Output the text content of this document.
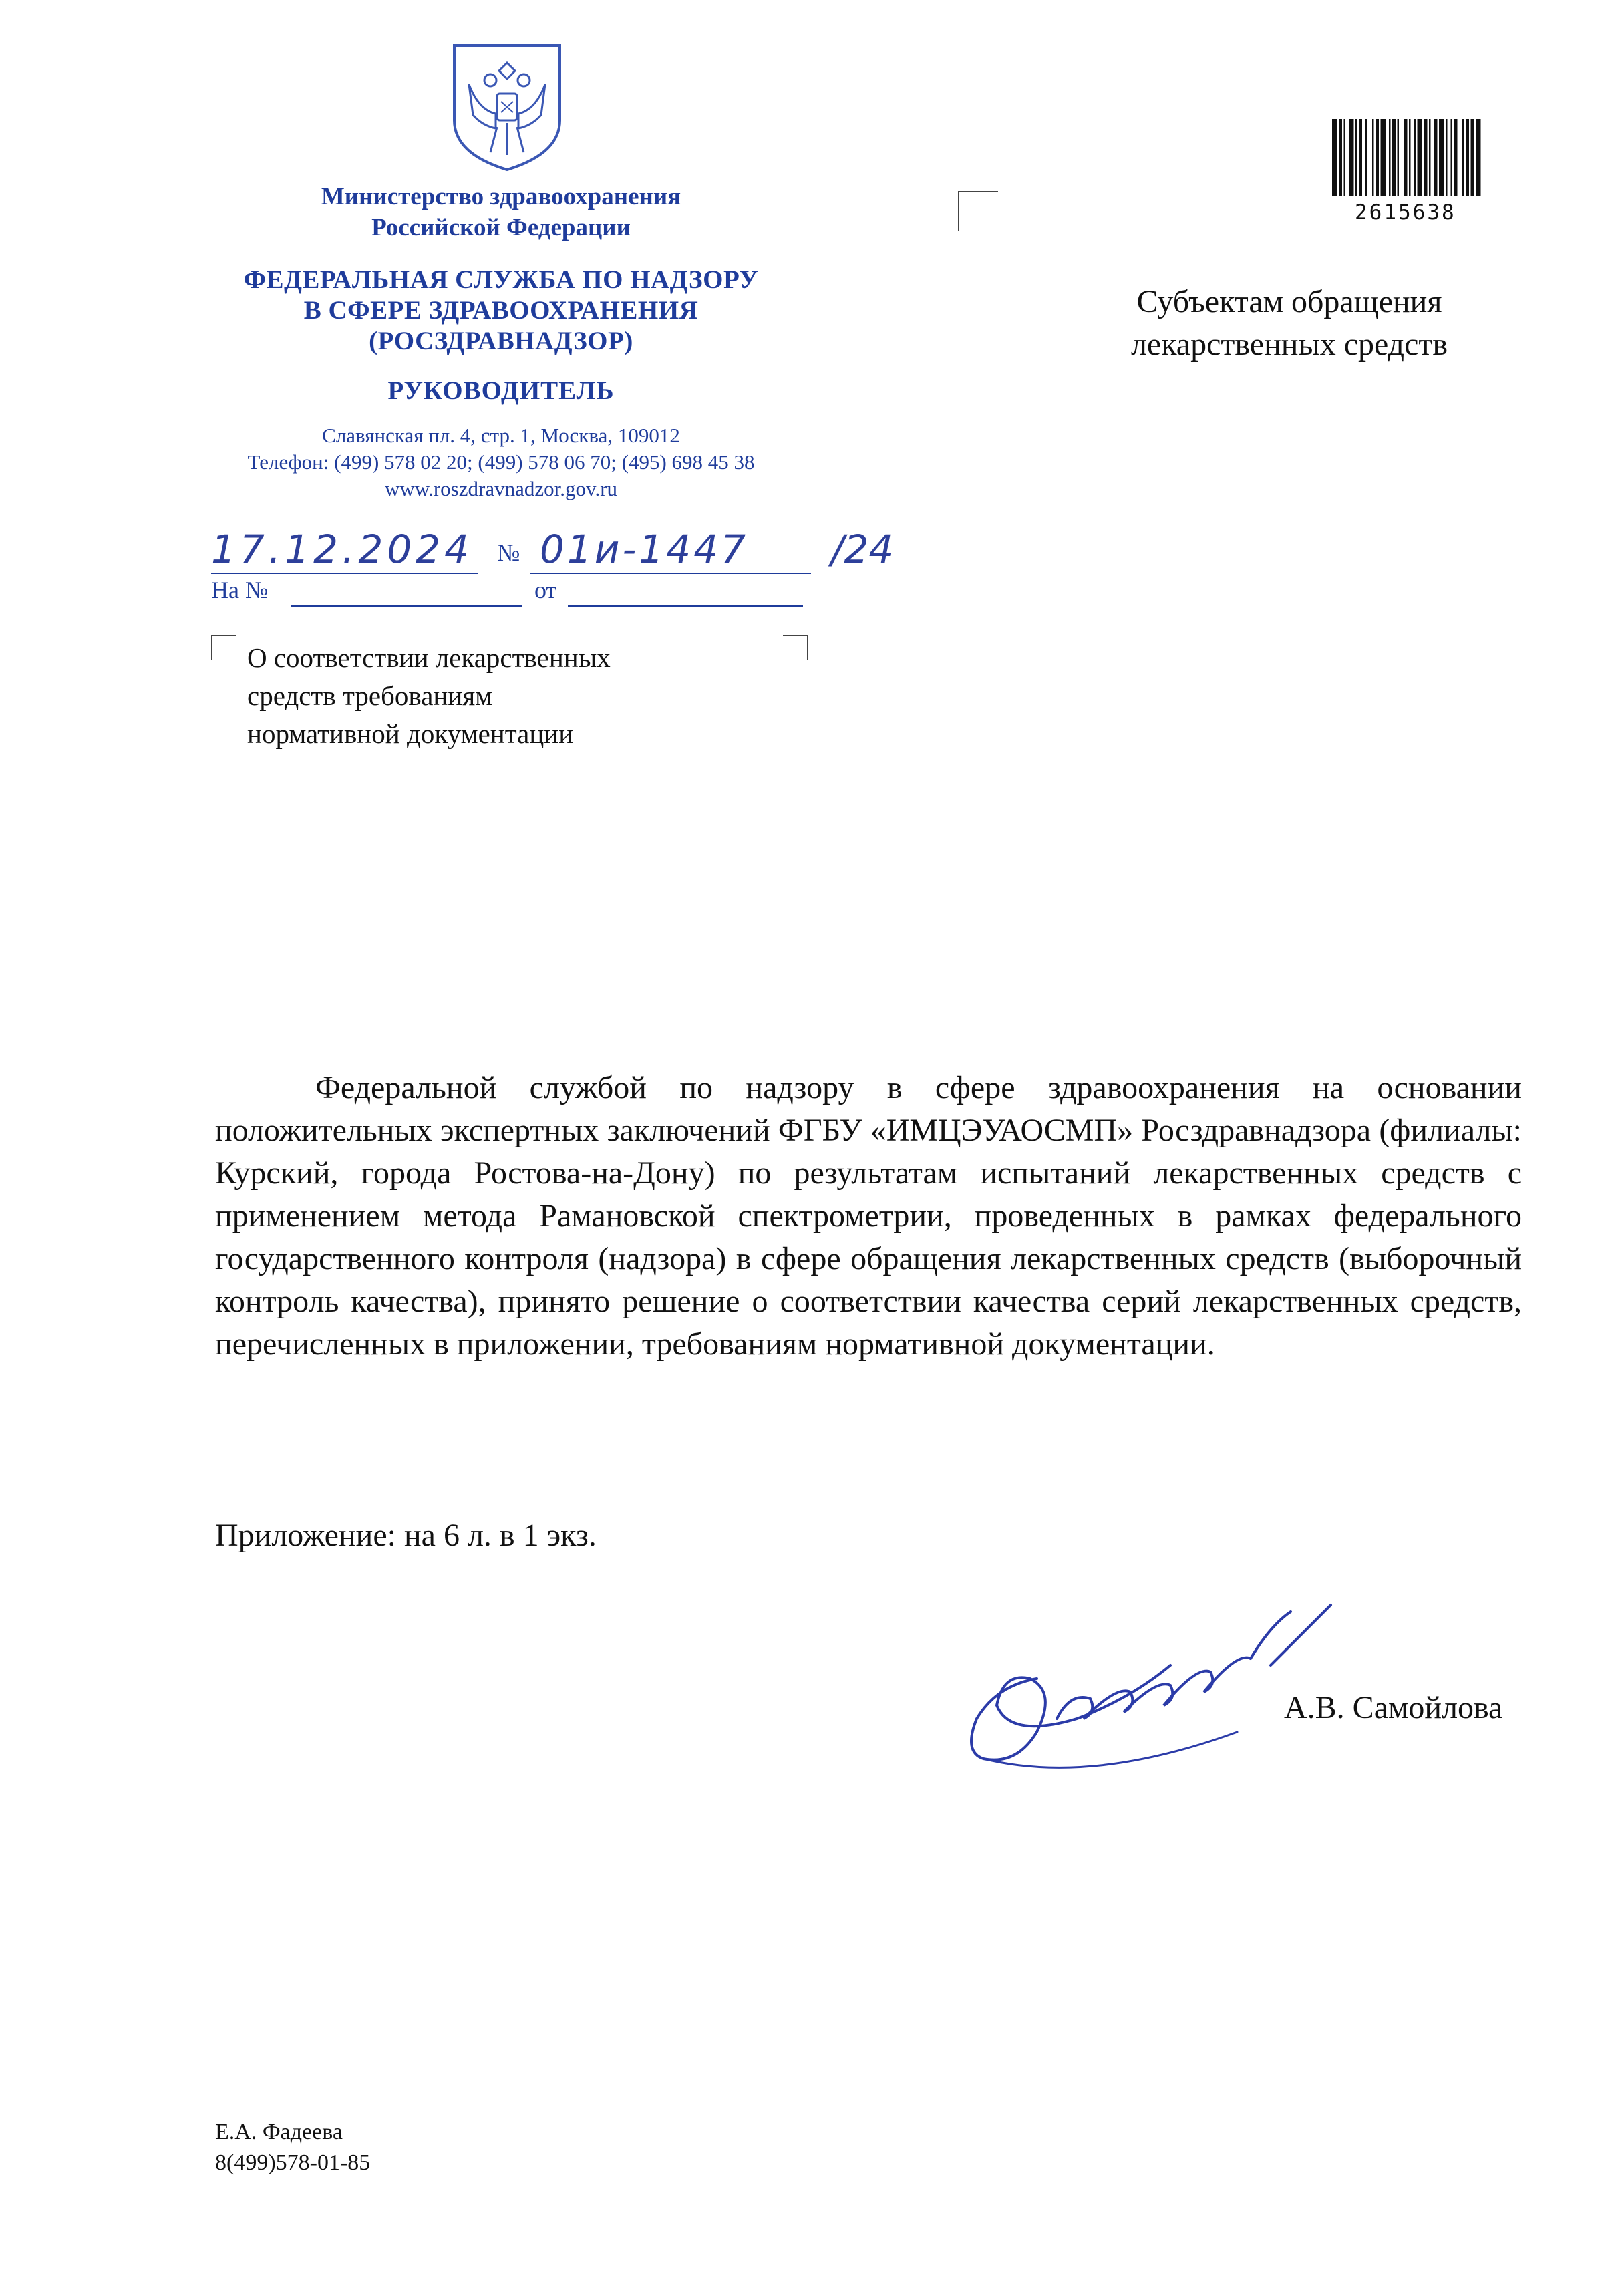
Министерство здравоохранения
Российской Федерации
ФЕДЕРАЛЬНАЯ СЛУЖБА ПО НАДЗОРУ
В СФЕРЕ ЗДРАВООХРАНЕНИЯ
(РОСЗДРАВНАДЗОР)
РУКОВОДИТЕЛЬ
Славянская пл. 4, стр. 1, Москва, 109012
Телефон: (499) 578 02 20; (499) 578 06 70; (495) 698 45 38
www.roszdravnadzor.gov.ru
17.12.2024 № 01и-1447 /24
На №	от
О соответствии лекарственных
средств требованиям
нормативной документации
Субъектам обращения
лекарственных средств
2615638
Федеральной службой по надзору в сфере здравоохранения на основании положительных экспертных заключений ФГБУ «ИМЦЭУАОСМП» Росздравнадзора (филиалы: Курский, города Ростова-на-Дону) по результатам испытаний лекарственных средств с применением метода Рамановской спектрометрии, проведенных в рамках федерального государственного контроля (надзора) в сфере обращения лекарственных средств (выборочный контроль качества), принято решение о соответствии качества серий лекарственных средств, перечисленных в приложении, требованиям нормативной документации.
Приложение: на 6 л. в 1 экз.
А.В. Самойлова
Е.А. Фадеева
8(499)578-01-85
